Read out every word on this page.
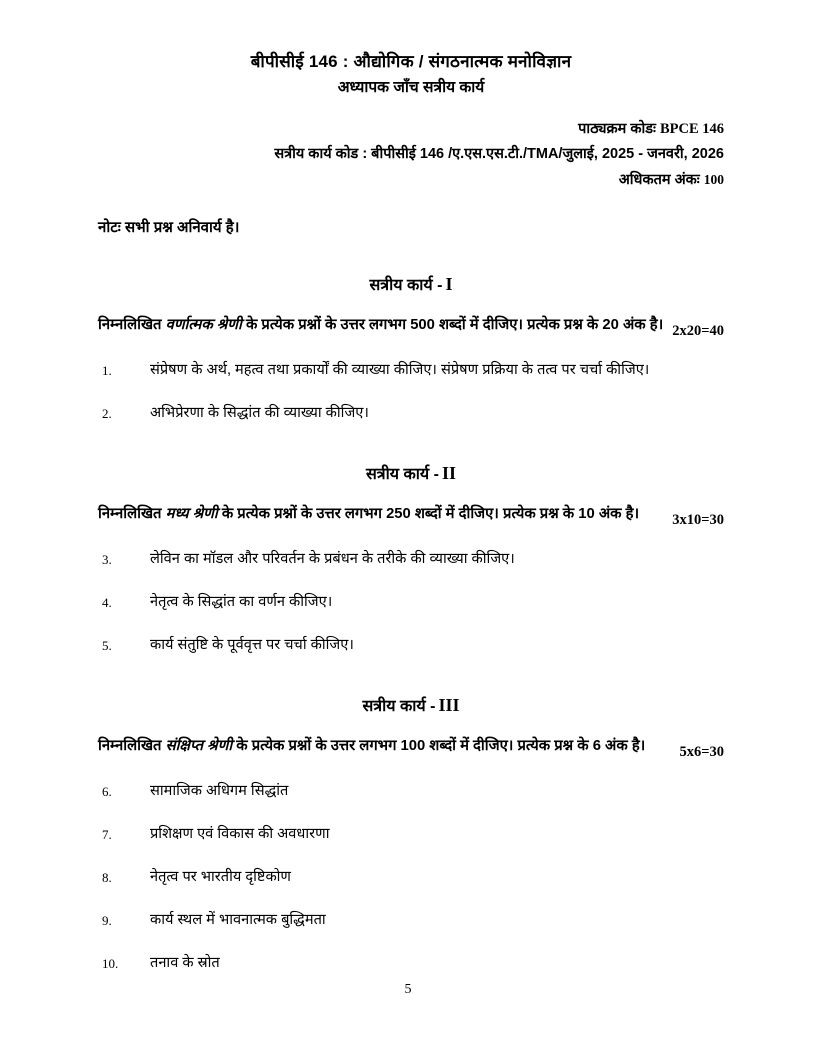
बीपीसीई 146 : औद्योगिक / संगठनात्मक मनोविज्ञान
अध्यापक जाँच सत्रीय कार्य
पाठ्यक्रम कोडः BPCE 146
सत्रीय कार्य कोड : बीपीसीई 146 /ए.एस.एस.टी./TMA/जुलाई, 2025 - जनवरी, 2026
अधिकतम अंकः 100
नोटः सभी प्रश्न अनिवार्य है।
सत्रीय कार्य - I

निम्नलिखित वर्णात्मक श्रेणी के प्रत्येक प्रश्नों के उत्तर लगभग 500 शब्दों में दीजिए। प्रत्येक प्रश्न के 20 अंक है। 2x20=40
1.	संप्रेषण के अर्थ, महत्व तथा प्रकार्यों की व्याख्या कीजिए। संप्रेषण प्रक्रिया के तत्व पर चर्चा कीजिए।
2.	अभिप्रेरणा के सिद्धांत की व्याख्या कीजिए।
सत्रीय कार्य - II

निम्नलिखित मध्य श्रेणी के प्रत्येक प्रश्नों के उत्तर लगभग 250 शब्दों में दीजिए। प्रत्येक प्रश्न के 10 अंक है।	3x10=30
3.	लेविन का मॉडल और परिवर्तन के प्रबंधन के तरीके की व्याख्या कीजिए।
4.	नेतृत्व के सिद्धांत का वर्णन कीजिए।
5.	कार्य संतुष्टि के पूर्ववृत्त पर चर्चा कीजिए।
सत्रीय कार्य - III

निम्नलिखित संक्षिप्त श्रेणी के प्रत्येक प्रश्नों के उत्तर लगभग 100 शब्दों में दीजिए। प्रत्येक प्रश्न के 6 अंक है।	5x6=30
6.	सामाजिक अधिगम सिद्धांत
7.	प्रशिक्षण एवं विकास की अवधारणा
8.	नेतृत्व पर भारतीय दृष्टिकोण
9.	कार्य स्थल में भावनात्मक बुद्धिमता
10.	तनाव के स्रोत
5
